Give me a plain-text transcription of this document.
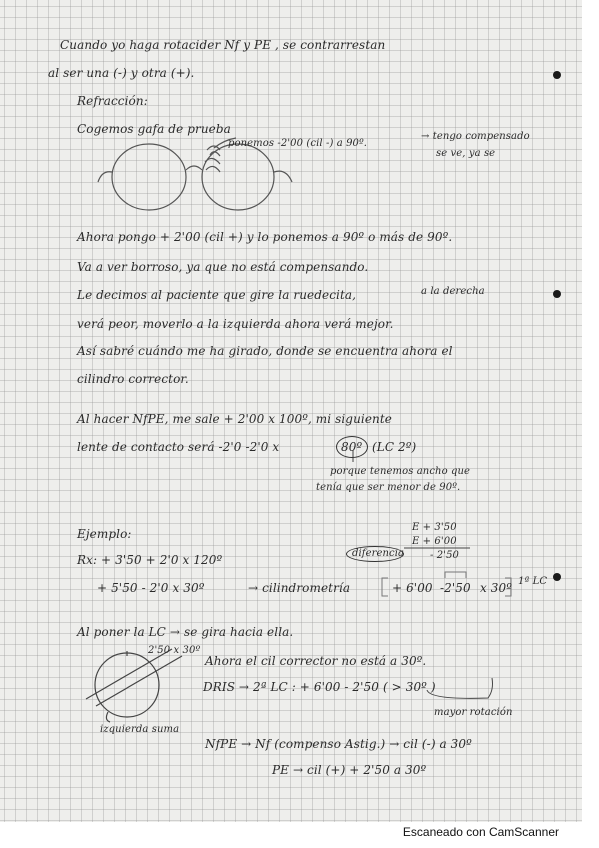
Cuando yo haga rotacider Nf y PE , se contrarrestan
al ser una (-) y otra (+).
Refracción:
Cogemos gafa de prueba
ponemos -2'00 (cil -) a 90º.
→ tengo compensado
se ve, ya se
Ahora pongo + 2'00 (cil +) y lo ponemos a 90º o más de 90º.
Va a ver borroso, ya que no está compensando.
Le decimos al paciente que gire la ruedecita,	a la derecha
verá peor, moverlo a la izquierda ahora verá mejor.
Así sabré cuándo me ha girado, donde se encuentra ahora el
cilindro corrector.
Al hacer NfPE, me sale + 2'00 x 100º, mi siguiente
lente de contacto será -2'0 -2'0 x	80º (LC 2º)
porque tenemos ancho que
tenía que ser menor de 90º.
Ejemplo:	E + 3'50
E + 6'00
diferencia	- 2'50
Rx: + 3'50 + 2'0 x 120º
+ 5'50 - 2'0 x 30º	→ cilindrometría	+ 6'00 -2'50 x 30º 1ª LC
Al poner la LC → se gira hacia ella.
2'50 x 30º
Ahora el cil corrector no está a 30º.
DRIS → 2ª LC : + 6'00 - 2'50 ( > 30º )
mayor rotación
izquierda suma
NfPE → Nf (compenso Astig.) → cil (-) a 30º
PE → cil (+) + 2'50 a 30º
Escaneado con CamScanner
